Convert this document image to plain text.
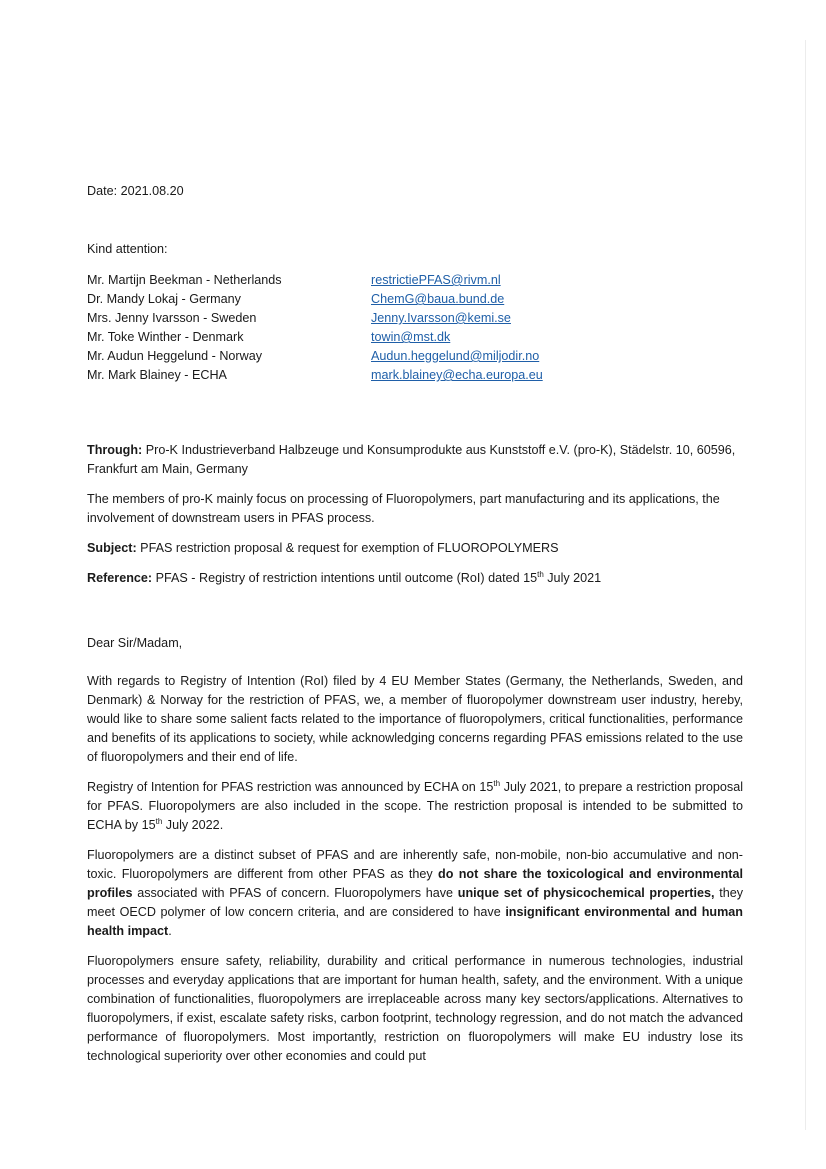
Date: 2021.08.20

Kind attention:

Mr. Martijn Beekman - Netherlands	restrictiePFAS@rivm.nl
Dr. Mandy Lokaj - Germany	ChemG@baua.bund.de
Mrs. Jenny Ivarsson - Sweden	Jenny.Ivarsson@kemi.se
Mr. Toke Winther - Denmark	towin@mst.dk
Mr. Audun Heggelund - Norway	Audun.heggelund@miljodir.no
Mr. Mark Blainey - ECHA	mark.blainey@echa.europa.eu

Through: Pro-K Industrieverband Halbzeuge und Konsumprodukte aus Kunststoff e.V. (pro-K), Städelstr. 10, 60596, Frankfurt am Main, Germany

The members of pro-K mainly focus on processing of Fluoropolymers, part manufacturing and its applications, the involvement of downstream users in PFAS process.

Subject: PFAS restriction proposal & request for exemption of FLUOROPOLYMERS

Reference: PFAS - Registry of restriction intentions until outcome (RoI) dated 15th July 2021

Dear Sir/Madam,

With regards to Registry of Intention (RoI) filed by 4 EU Member States (Germany, the Netherlands, Sweden, and Denmark) & Norway for the restriction of PFAS, we, a member of fluoropolymer downstream user industry, hereby, would like to share some salient facts related to the importance of fluoropolymers, critical functionalities, performance and benefits of its applications to society, while acknowledging concerns regarding PFAS emissions related to the use of fluoropolymers and their end of life.

Registry of Intention for PFAS restriction was announced by ECHA on 15th July 2021, to prepare a restriction proposal for PFAS. Fluoropolymers are also included in the scope. The restriction proposal is intended to be submitted to ECHA by 15th July 2022.

Fluoropolymers are a distinct subset of PFAS and are inherently safe, non-mobile, non-bio accumulative and non-toxic. Fluoropolymers are different from other PFAS as they do not share the toxicological and environmental profiles associated with PFAS of concern. Fluoropolymers have unique set of physicochemical properties, they meet OECD polymer of low concern criteria, and are considered to have insignificant environmental and human health impact.

Fluoropolymers ensure safety, reliability, durability and critical performance in numerous technologies, industrial processes and everyday applications that are important for human health, safety, and the environment. With a unique combination of functionalities, fluoropolymers are irreplaceable across many key sectors/applications. Alternatives to fluoropolymers, if exist, escalate safety risks, carbon footprint, technology regression, and do not match the advanced performance of fluoropolymers. Most importantly, restriction on fluoropolymers will make EU industry lose its technological superiority over other economies and could put
